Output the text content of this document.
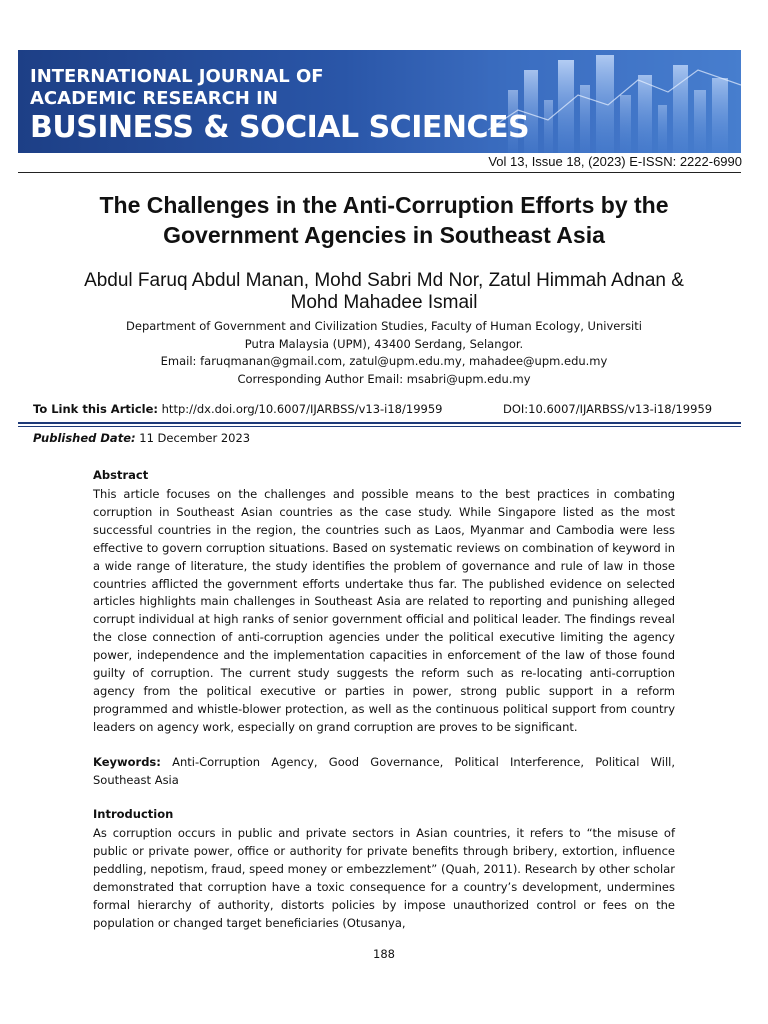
INTERNATIONAL JOURNAL OF
ACADEMIC RESEARCH IN
BUSINESS & SOCIAL SCIENCES
Vol 13, Issue 18, (2023) E-ISSN: 2222-6990
The Challenges in the Anti-Corruption Efforts by the Government Agencies in Southeast Asia
Abdul Faruq Abdul Manan, Mohd Sabri Md Nor, Zatul Himmah Adnan & Mohd Mahadee Ismail
Department of Government and Civilization Studies, Faculty of Human Ecology, Universiti
Putra Malaysia (UPM), 43400 Serdang, Selangor.
Email: faruqmanan@gmail.com, zatul@upm.edu.my, mahadee@upm.edu.my
Corresponding Author Email: msabri@upm.edu.my
To Link this Article: http://dx.doi.org/10.6007/IJARBSS/v13-i18/19959	DOI:10.6007/IJARBSS/v13-i18/19959
Published Date: 11 December 2023
Abstract

This article focuses on the challenges and possible means to the best practices in combating corruption in Southeast Asian countries as the case study. While Singapore listed as the most successful countries in the region, the countries such as Laos, Myanmar and Cambodia were less effective to govern corruption situations. Based on systematic reviews on combination of keyword in a wide range of literature, the study identifies the problem of governance and rule of law in those countries afflicted the government efforts undertake thus far. The published evidence on selected articles highlights main challenges in Southeast Asia are related to reporting and punishing alleged corrupt individual at high ranks of senior government official and political leader. The findings reveal the close connection of anti-corruption agencies under the political executive limiting the agency power, independence and the implementation capacities in enforcement of the law of those found guilty of corruption. The current study suggests the reform such as re-locating anti-corruption agency from the political executive or parties in power, strong public support in a reform programmed and whistle-blower protection, as well as the continuous political support from country leaders on agency work, especially on grand corruption are proves to be significant.

Keywords: Anti-Corruption Agency, Good Governance, Political Interference, Political Will, Southeast Asia

Introduction

As corruption occurs in public and private sectors in Asian countries, it refers to “the misuse of public or private power, office or authority for private benefits through bribery, extortion, influence peddling, nepotism, fraud, speed money or embezzlement” (Quah, 2011). Research by other scholar demonstrated that corruption have a toxic consequence for a country’s development, undermines formal hierarchy of authority, distorts policies by impose unauthorized control or fees on the population or changed target beneficiaries (Otusanya,

188
